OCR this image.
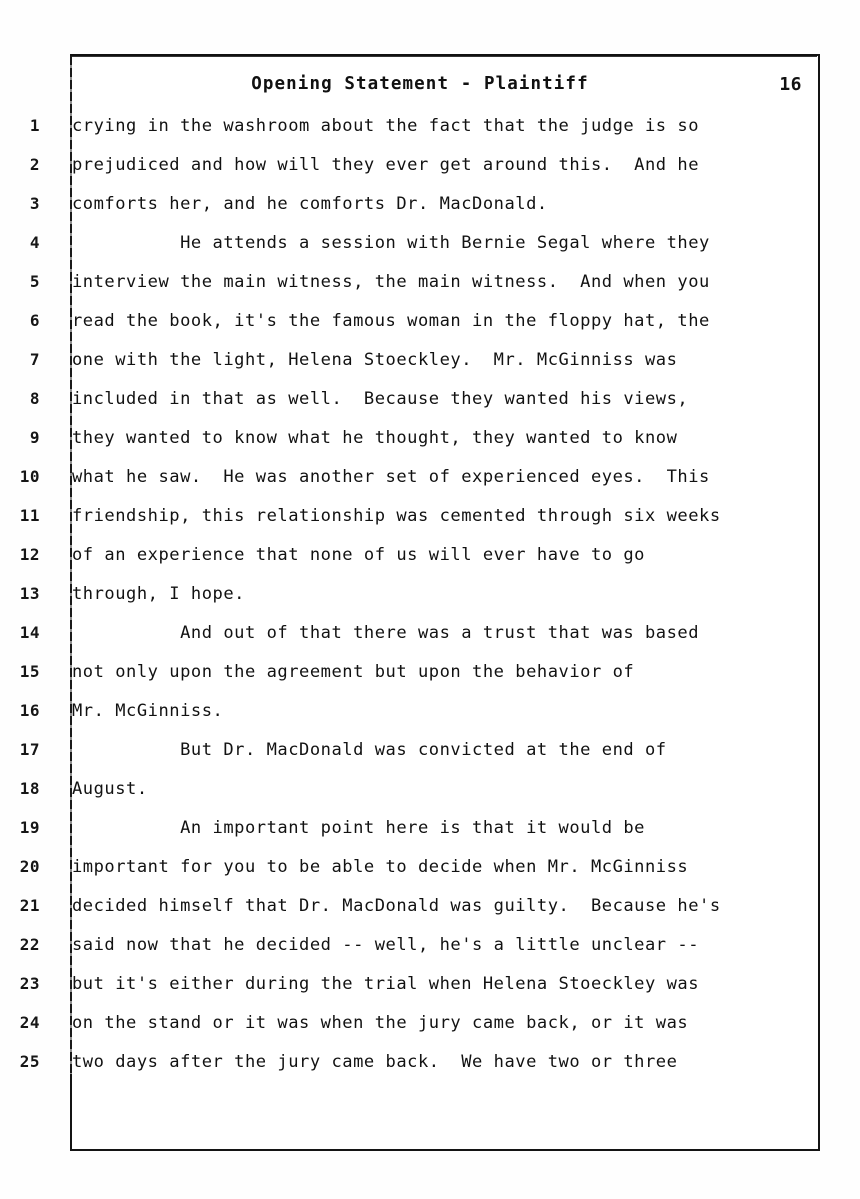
Opening Statement - Plaintiff	16
1	crying in the washroom about the fact that the judge is so
2	prejudiced and how will they ever get around this.  And he
3	comforts her, and he comforts Dr. MacDonald.
4	He attends a session with Bernie Segal where they
5	interview the main witness, the main witness.  And when you
6	read the book, it's the famous woman in the floppy hat, the
7	one with the light, Helena Stoeckley.  Mr. McGinniss was
8	included in that as well.  Because they wanted his views,
9	they wanted to know what he thought, they wanted to know
10	what he saw.  He was another set of experienced eyes.  This
11	friendship, this relationship was cemented through six weeks
12	of an experience that none of us will ever have to go
13	through, I hope.
14	And out of that there was a trust that was based
15	not only upon the agreement but upon the behavior of
16	Mr. McGinniss.
17	But Dr. MacDonald was convicted at the end of
18	August.
19	An important point here is that it would be
20	important for you to be able to decide when Mr. McGinniss
21	decided himself that Dr. MacDonald was guilty.  Because he's
22	said now that he decided -- well, he's a little unclear --
23	but it's either during the trial when Helena Stoeckley was
24	on the stand or it was when the jury came back, or it was
25	two days after the jury came back.  We have two or three
